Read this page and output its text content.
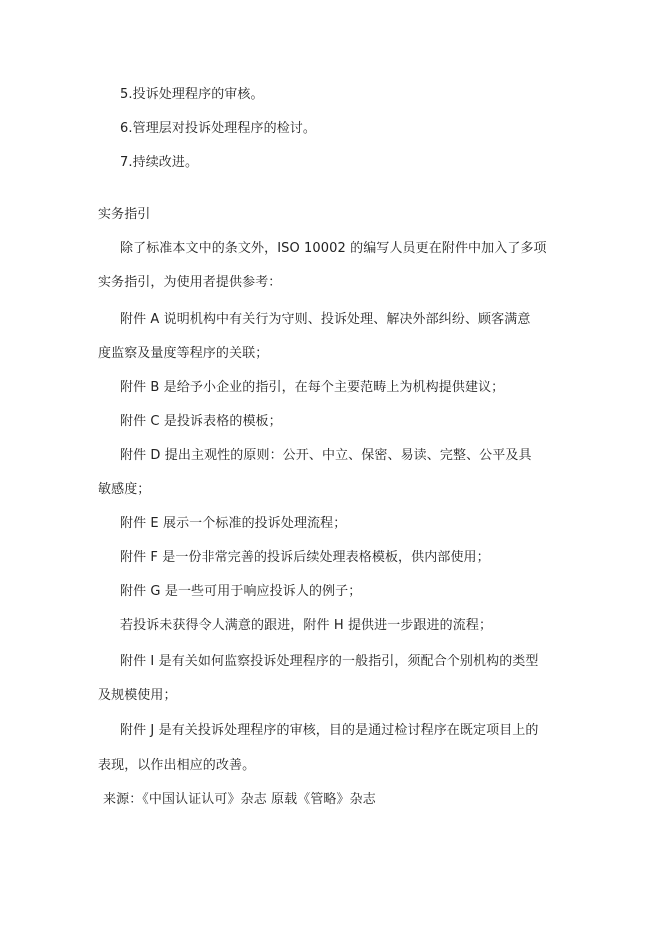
5.投诉处理程序的审核。

6.管理层对投诉处理程序的检讨。

7.持续改进。

实务指引

除了标准本文中的条文外，ISO 10002 的编写人员更在附件中加入了多项

实务指引，为使用者提供参考：

附件 A 说明机构中有关行为守则、投诉处理、解决外部纠纷、顾客满意

度监察及量度等程序的关联；

附件 B 是给予小企业的指引，在每个主要范畴上为机构提供建议；

附件 C 是投诉表格的模板；

附件 D 提出主观性的原则：公开、中立、保密、易读、完整、公平及具

敏感度；

附件 E 展示一个标准的投诉处理流程；

附件 F 是一份非常完善的投诉后续处理表格模板，供内部使用；

附件 G 是一些可用于响应投诉人的例子；

若投诉未获得令人满意的跟进，附件 H 提供进一步跟进的流程；

附件 I 是有关如何监察投诉处理程序的一般指引，须配合个别机构的类型

及规模使用；

附件 J 是有关投诉处理程序的审核，目的是通过检讨程序在既定项目上的

表现，以作出相应的改善。

来源：《中国认证认可》杂志 原载《管略》杂志
